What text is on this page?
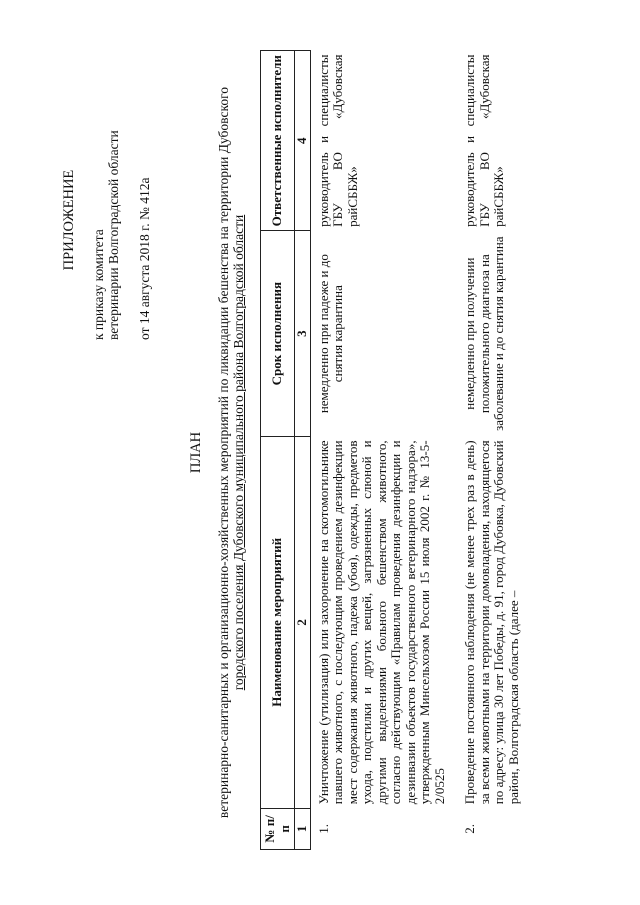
ПРИЛОЖЕНИЕ
к приказу комитета ветеринарии Волгоградской области от 14 августа 2018 г. № 412а
ПЛАН ветеринарно-санитарных и организационно-хозяйственных мероприятий по ликвидации бешенства на территории Дубовского городского поселения Дубовского муниципального района Волгоградской области
№ п/п	Наименование мероприятий	Срок исполнения	Ответственные исполнители
1	2	3	4
1.	Уничтожение (утилизация) или захоронение на скотомогильнике павшего животного, с последующим проведением дезинфекции мест содержания животного, падежа (убоя), одежды, предметов ухода, подстилки и других вещей, загрязненных слюной и другими выделениями больного бешенством животного, согласно действующим «Правилам проведения дезинфекции и дезинвазии объектов государственного ветеринарного надзора», утвержденным Минсельхозом России 15 июля 2002 г. № 13-5-2/0525	немедленно при падеже и до снятия карантина	руководитель и специалисты ГБУ ВО «Дубовская райСББЖ»
2.	Проведение постоянного наблюдения (не менее трех раз в день) за всеми животными на территории домовладения, находящегося по адресу: улица 30 лет Победы, д. 91, город Дубовка, Дубовский район, Волгоградская область (далее –	немедленно при получении положительного диагноза на заболевание и до снятия карантина	руководитель и специалисты ГБУ ВО «Дубовская райСББЖ»
